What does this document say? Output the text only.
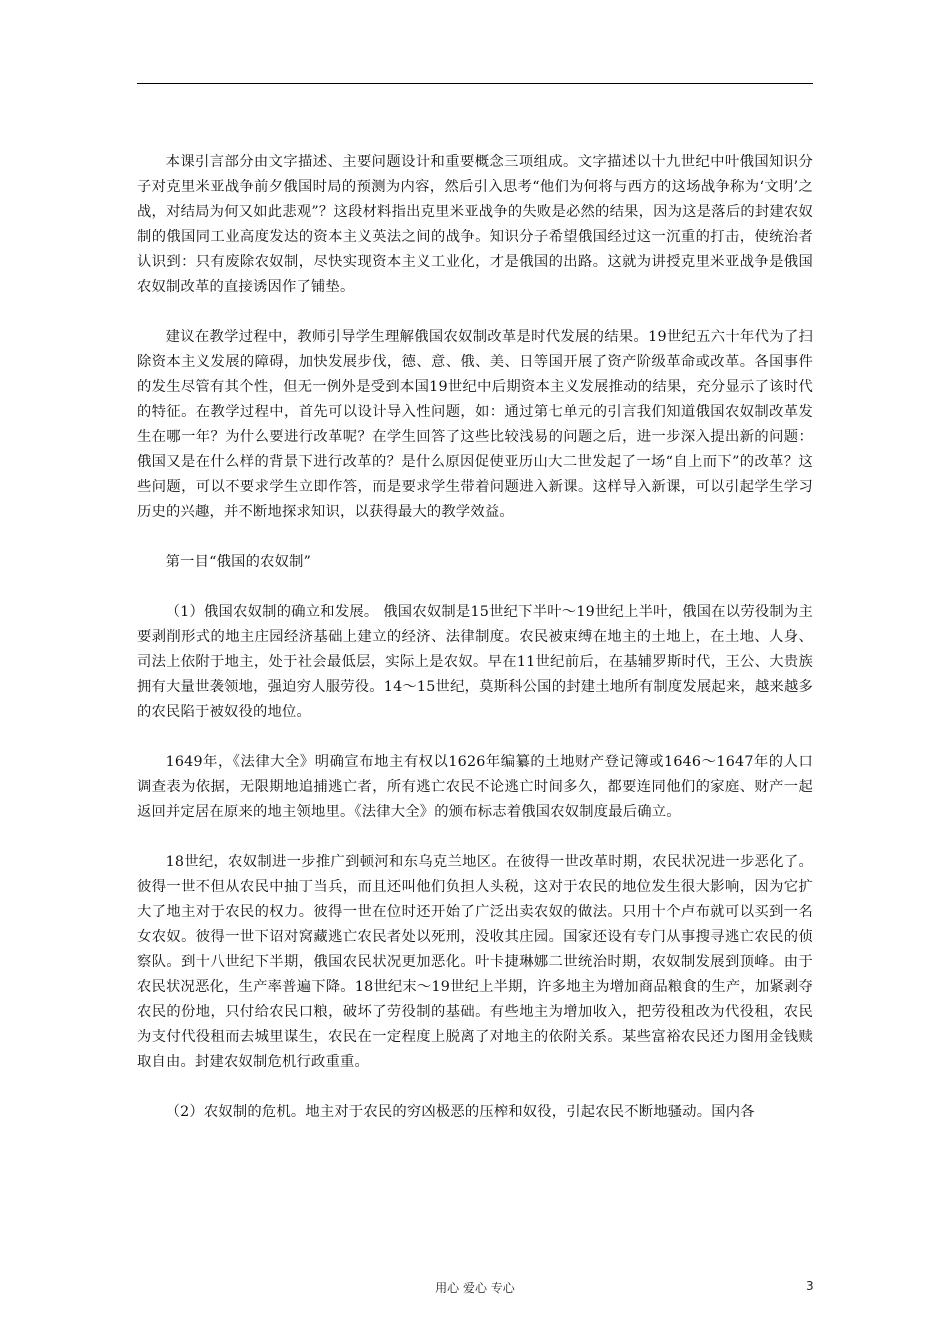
本课引言部分由文字描述、主要问题设计和重要概念三项组成。文字描述以十九世纪中叶俄国知识分子对克里米亚战争前夕俄国时局的预测为内容，然后引入思考“他们为何将与西方的这场战争称为‘文明’之战，对结局为何又如此悲观”？这段材料指出克里米亚战争的失败是必然的结果，因为这是落后的封建农奴制的俄国同工业高度发达的资本主义英法之间的战争。知识分子希望俄国经过这一沉重的打击，使统治者认识到：只有废除农奴制，尽快实现资本主义工业化，才是俄国的出路。这就为讲授克里米亚战争是俄国农奴制改革的直接诱因作了铺垫。

建议在教学过程中，教师引导学生理解俄国农奴制改革是时代发展的结果。19世纪五六十年代为了扫除资本主义发展的障碍，加快发展步伐，德、意、俄、美、日等国开展了资产阶级革命或改革。各国事件的发生尽管有其个性，但无一例外是受到本国19世纪中后期资本主义发展推动的结果，充分显示了该时代的特征。在教学过程中，首先可以设计导入性问题，如：通过第七单元的引言我们知道俄国农奴制改革发生在哪一年？为什么要进行改革呢？在学生回答了这些比较浅易的问题之后，进一步深入提出新的问题：俄国又是在什么样的背景下进行改革的？是什么原因促使亚历山大二世发起了一场“自上而下”的改革？这些问题，可以不要求学生立即作答，而是要求学生带着问题进入新课。这样导入新课，可以引起学生学习历史的兴趣，并不断地探求知识，以获得最大的教学效益。

第一目“俄国的农奴制”

（1）俄国农奴制的确立和发展。 俄国农奴制是15世纪下半叶～19世纪上半叶，俄国在以劳役制为主要剥削形式的地主庄园经济基础上建立的经济、法律制度。农民被束缚在地主的土地上，在土地、人身、司法上依附于地主，处于社会最低层，实际上是农奴。早在11世纪前后，在基辅罗斯时代，王公、大贵族拥有大量世袭领地，强迫穷人服劳役。14～15世纪，莫斯科公国的封建土地所有制度发展起来，越来越多的农民陷于被奴役的地位。

1649年，《法律大全》明确宣布地主有权以1626年编纂的土地财产登记簿或1646～1647年的人口调查表为依据，无限期地追捕逃亡者，所有逃亡农民不论逃亡时间多久，都要连同他们的家庭、财产一起返回并定居在原来的地主领地里。《法律大全》的颁布标志着俄国农奴制度最后确立。

18世纪，农奴制进一步推广到顿河和东乌克兰地区。在彼得一世改革时期，农民状况进一步恶化了。彼得一世不但从农民中抽丁当兵，而且还叫他们负担人头税，这对于农民的地位发生很大影响，因为它扩大了地主对于农民的权力。彼得一世在位时还开始了广泛出卖农奴的做法。只用十个卢布就可以买到一名女农奴。彼得一世下诏对窝藏逃亡农民者处以死刑，没收其庄园。国家还设有专门从事搜寻逃亡农民的侦察队。到十八世纪下半期，俄国农民状况更加恶化。叶卡捷琳娜二世统治时期，农奴制发展到顶峰。由于农民状况恶化，生产率普遍下降。18世纪末～19世纪上半期，许多地主为增加商品粮食的生产，加紧剥夺农民的份地，只付给农民口粮，破坏了劳役制的基础。有些地主为增加收入，把劳役租改为代役租，农民为支付代役租而去城里谋生，农民在一定程度上脱离了对地主的依附关系。某些富裕农民还力图用金钱赎取自由。封建农奴制危机行政重重。

（2）农奴制的危机。地主对于农民的穷凶极恶的压榨和奴役，引起农民不断地骚动。国内各

用心 爱心 专心	3
